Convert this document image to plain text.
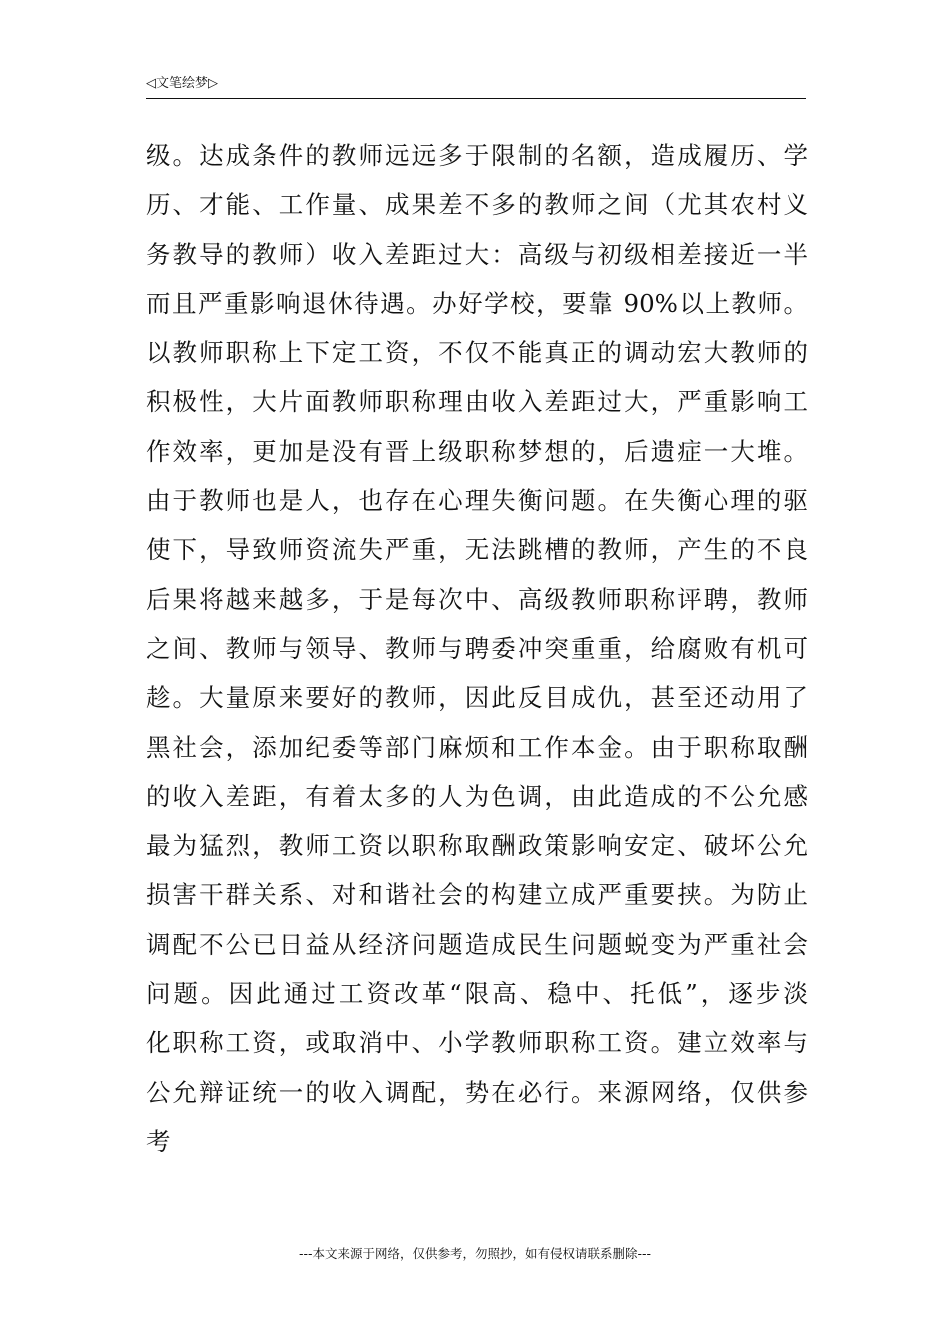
◁文笔绘梦▷
级。达成条件的教师远远多于限制的名额，造成履历、学
历、才能、工作量、成果差不多的教师之间（尤其农村义
务教导的教师）收入差距过大：高级与初级相差接近一半
而且严重影响退休待遇。办好学校，要靠 90%以上教师。
以教师职称上下定工资，不仅不能真正的调动宏大教师的
积极性，大片面教师职称理由收入差距过大，严重影响工
作效率，更加是没有晋上级职称梦想的，后遗症一大堆。
由于教师也是人，也存在心理失衡问题。在失衡心理的驱
使下，导致师资流失严重，无法跳槽的教师，产生的不良
后果将越来越多，于是每次中、高级教师职称评聘，教师
之间、教师与领导、教师与聘委冲突重重，给腐败有机可
趁。大量原来要好的教师，因此反目成仇，甚至还动用了
黑社会，添加纪委等部门麻烦和工作本金。由于职称取酬
的收入差距，有着太多的人为色调，由此造成的不公允感
最为猛烈，教师工资以职称取酬政策影响安定、破坏公允
损害干群关系、对和谐社会的构建立成严重要挟。为防止
调配不公已日益从经济问题造成民生问题蜕变为严重社会
问题。因此通过工资改革“限高、稳中、托低”，逐步淡
化职称工资，或取消中、小学教师职称工资。建立效率与
公允辩证统一的收入调配，势在必行。来源网络，仅供参
考
---本文来源于网络，仅供参考，勿照抄，如有侵权请联系删除---
